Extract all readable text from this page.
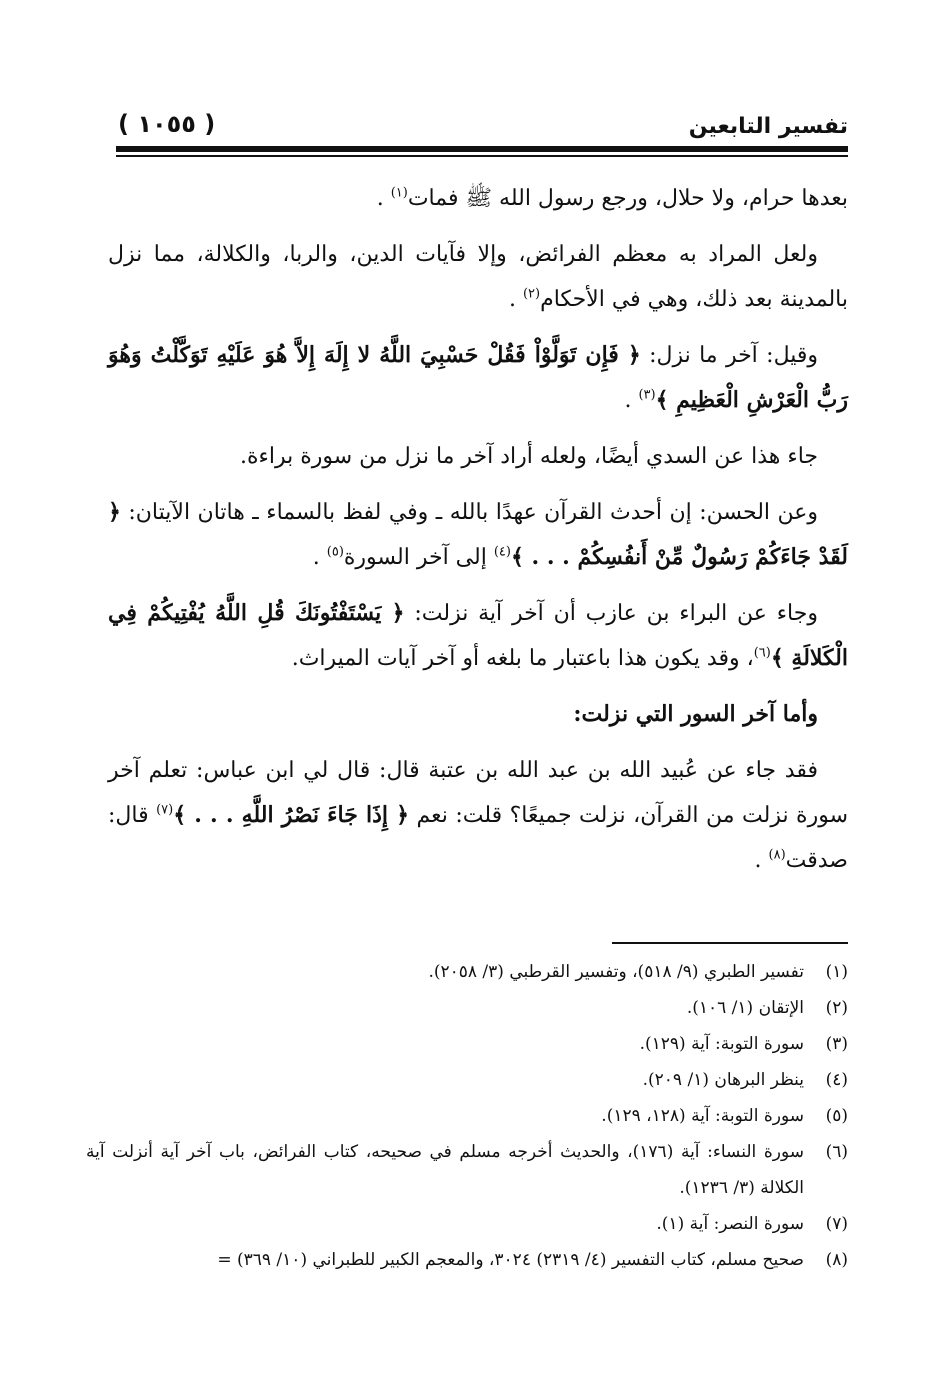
تفسير التابعين
( ١٠٥٥ )

بعدها حرام، ولا حلال، ورجع رسول الله ﷺ فمات$^{(١)}$ .

ولعل المراد به معظم الفرائض، وإلا فآيات الدين، والربا، والكلالة، مما نزل بالمدينة بعد ذلك، وهي في الأحكام$^{(٢)}$ .

وقيل: آخر ما نزل: ﴿ فَإِن تَوَلَّوْاْ فَقُلْ حَسْبِيَ اللَّهُ لا إِلَهَ إِلاَّ هُوَ عَلَيْهِ تَوَكَّلْتُ وَهُوَ رَبُّ الْعَرْشِ الْعَظِيمِ ﴾$^{(٣)}$ .

جاء هذا عن السدي أيضًا، ولعله أراد آخر ما نزل من سورة براءة.

وعن الحسن: إن أحدث القرآن عهدًا بالله ـ وفي لفظ بالسماء ـ هاتان الآيتان: ﴿ لَقَدْ جَاءَكُمْ رَسُولٌ مِّنْ أَنفُسِكُمْ . . . ﴾$^{(٤)}$ إلى آخر السورة$^{(٥)}$ .

وجاء عن البراء بن عازب أن آخر آية نزلت: ﴿ يَسْتَفْتُونَكَ قُلِ اللَّهُ يُفْتِيكُمْ فِي الْكَلالَةِ ﴾$^{(٦)}$، وقد يكون هذا باعتبار ما بلغه أو آخر آيات الميراث.

وأما آخر السور التي نزلت:

فقد جاء عن عُبيد الله بن عبد الله بن عتبة قال: قال لي ابن عباس: تعلم آخر سورة نزلت من القرآن، نزلت جميعًا؟ قلت: نعم ﴿ إِذَا جَاءَ نَصْرُ اللَّهِ . . . ﴾$^{(٧)}$ قال: صدقت$^{(٨)}$ .

(١)
تفسير الطبري (٩/ ٥١٨)، وتفسير القرطبي (٣/ ٢٠٥٨).
(٢)
الإتقان (١/ ١٠٦).
(٣)
سورة التوبة: آية (١٢٩).
(٤)
ينظر البرهان (١/ ٢٠٩).
(٥)
سورة التوبة: آية (١٢٨، ١٢٩).
(٦)
سورة النساء: آية (١٧٦)، والحديث أخرجه مسلم في صحيحه، كتاب الفرائض، باب آخر آية أنزلت آية الكلالة (٣/ ١٢٣٦).
(٧)
سورة النصر: آية (١).
(٨)
صحيح مسلم، كتاب التفسير (٤/ ٢٣١٩) ٣٠٢٤، والمعجم الكبير للطبراني (١٠/ ٣٦٩) =
